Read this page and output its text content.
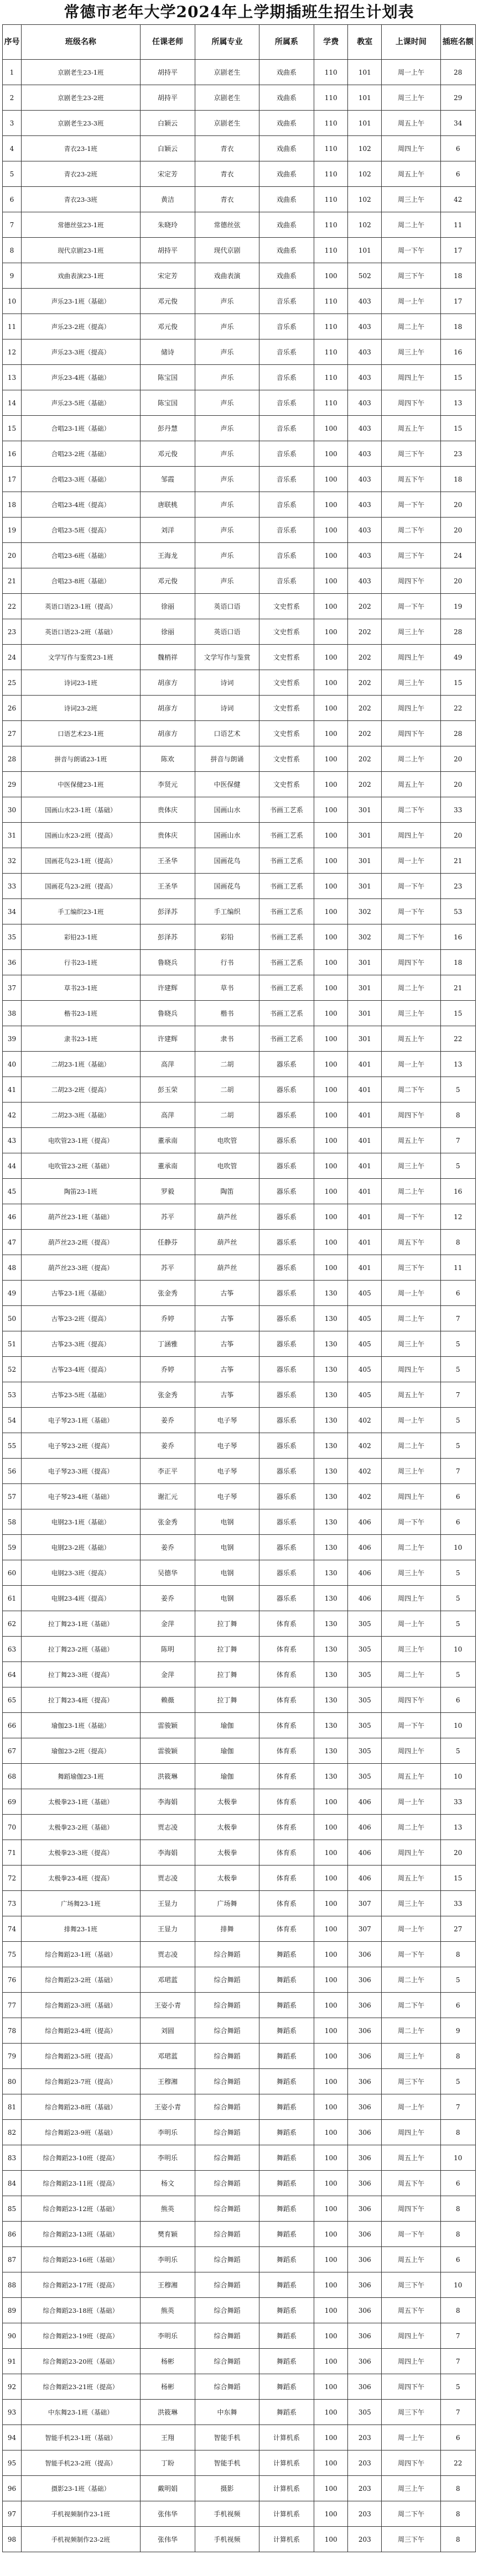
常德市老年大学2024年上学期插班生招生计划表
序号	班级名称	任课老师	所属专业	所属系	学费	教室	上课时间	插班名额
1	京剧老生23-1班	胡持平	京剧老生	戏曲系	110	101	周一上午	28
2	京剧老生23-2班	胡持平	京剧老生	戏曲系	110	101	周三上午	29
3	京剧老生23-3班	白颖云	京剧老生	戏曲系	110	101	周五上午	34
4	青衣23-1班	白颖云	青衣	戏曲系	110	102	周四上午	6
5	青衣23-2班	宋定芳	青衣	戏曲系	110	102	周五上午	6
6	青衣23-3班	黄洁	青衣	戏曲系	110	102	周三上午	42
7	常德丝弦23-1班	朱晓玲	常德丝弦	戏曲系	110	102	周二上午	11
8	现代京剧23-1班	胡持平	现代京剧	戏曲系	110	101	周一下午	17
9	戏曲表演23-1班	宋定芳	戏曲表演	戏曲系	100	502	周三下午	18
10	声乐23-1班（基础）	邓元俊	声乐	音乐系	110	403	周一上午	17
11	声乐23-2班（提高）	邓元俊	声乐	音乐系	110	403	周二上午	18
12	声乐23-3班（提高）	储诗	声乐	音乐系	110	403	周三上午	16
13	声乐23-4班（基础）	陈宝国	声乐	音乐系	110	403	周四上午	15
14	声乐23-5班（基础）	陈宝国	声乐	音乐系	110	403	周四下午	13
15	合唱23-1班（基础）	彭丹慧	声乐	音乐系	100	403	周五上午	15
16	合唱23-2班（基础）	邓元俊	声乐	音乐系	100	403	周三下午	23
17	合唱23-3班（基础）	邹霞	声乐	音乐系	100	403	周五下午	18
18	合唱23-4班（提高）	唐联桃	声乐	音乐系	100	403	周一下午	20
19	合唱23-5班（提高）	刘洋	声乐	音乐系	100	403	周二下午	20
20	合唱23-6班（基础）	王海龙	声乐	音乐系	100	403	周三下午	24
21	合唱23-8班（基础）	邓元俊	声乐	音乐系	100	403	周四下午	20
22	英语口语23-1班（提高）	徐丽	英语口语	文史哲系	100	202	周一下午	19
23	英语口语23-2班（基础）	徐丽	英语口语	文史哲系	100	202	周三上午	28
24	文学写作与鉴赏23-1班	魏梢祥	文学写作与鉴赏	文史哲系	100	202	周四上午	49
25	诗词23-1班	胡彦方	诗词	文史哲系	100	202	周三上午	15
26	诗词23-2班	胡彦方	诗词	文史哲系	100	202	周四上午	22
27	口语艺术23-1班	胡彦方	口语艺术	文史哲系	100	202	周四下午	28
28	拼音与朗诵23-1班	陈欢	拼音与朗诵	文史哲系	100	202	周二上午	20
29	中医保健23-1班	李贤元	中医保健	文史哲系	100	202	周五上午	20
30	国画山水23-1班（基础）	贵体庆	国画山水	书画工艺系	100	301	周二下午	33
31	国画山水23-2班（提高）	贵体庆	国画山水	书画工艺系	100	301	周四上午	20
32	国画花鸟23-1班（提高）	王圣华	国画花鸟	书画工艺系	100	301	周一上午	21
33	国画花鸟23-2班（提高）	王圣华	国画花鸟	书画工艺系	100	301	周一下午	23
34	手工编织23-1班	彭泽苏	手工编织	书画工艺系	100	302	周一下午	53
35	彩铅23-1班	彭泽苏	彩铅	书画工艺系	100	302	周二下午	16
36	行书23-1班	鲁晓兵	行书	书画工艺系	100	301	周四下午	18
37	草书23-1班	许建辉	草书	书画工艺系	100	301	周二上午	21
38	楷书23-1班	鲁晓兵	楷书	书画工艺系	100	301	周三上午	15
39	隶书23-1班	许建辉	隶书	书画工艺系	100	301	周五上午	22
40	二胡23-1班（基础）	高萍	二胡	器乐系	100	401	周一上午	13
41	二胡23-2班（提高）	彭玉荣	二胡	器乐系	100	401	周二下午	5
42	二胡23-3班（基础）	高萍	二胡	器乐系	100	401	周四下午	8
43	电吹管23-1班（提高）	董承南	电吹管	器乐系	100	401	周五上午	7
44	电吹管23-2班（基础）	董承南	电吹管	器乐系	100	401	周三上午	5
45	陶笛23-1班	罗毅	陶笛	器乐系	100	401	周二上午	16
46	葫芦丝23-1班（基础）	苏平	葫芦丝	器乐系	100	401	周一下午	12
47	葫芦丝23-2班（提高）	任静芬	葫芦丝	器乐系	100	401	周五下午	8
48	葫芦丝23-3班（提高）	苏平	葫芦丝	器乐系	100	401	周三下午	11
49	古筝23-1班（基础）	张金秀	古筝	器乐系	130	405	周一上午	6
50	古筝23-2班（提高）	乔婷	古筝	器乐系	130	405	周二上午	7
51	古筝23-3班（提高）	丁涵雅	古筝	器乐系	130	405	周三上午	5
52	古筝23-4班（提高）	乔婷	古筝	器乐系	130	405	周四上午	5
53	古筝23-5班（基础）	张金秀	古筝	器乐系	130	405	周五上午	7
54	电子琴23-1班（基础）	姜乔	电子琴	器乐系	130	402	周一上午	5
55	电子琴23-2班（提高）	姜乔	电子琴	器乐系	130	402	周二上午	5
56	电子琴23-3班（提高）	李正平	电子琴	器乐系	130	402	周三上午	7
57	电子琴23-4班（基础）	谢汇元	电子琴	器乐系	130	402	周四上午	6
58	电钢23-1班（基础）	张金秀	电钢	器乐系	130	406	周一下午	6
59	电钢23-2班（基础）	姜乔	电钢	器乐系	130	406	周二上午	10
60	电钢23-3班（提高）	吴德华	电钢	器乐系	130	406	周三上午	5
61	电钢23-4班（提高）	姜乔	电钢	器乐系	130	406	周四上午	5
62	拉丁舞23-1班（基础）	金萍	拉丁舞	体育系	130	305	周一上午	5
63	拉丁舞23-2班（基础）	陈明	拉丁舞	体育系	130	305	周三上午	10
64	拉丁舞23-3班（提高）	金萍	拉丁舞	体育系	130	305	周二上午	5
65	拉丁舞23-4班（提高）	赖薇	拉丁舞	体育系	130	305	周四下午	6
66	瑜伽23-1班（基础）	雷骏颖	瑜伽	体育系	130	305	周一下午	10
67	瑜伽23-2班（提高）	雷骏颖	瑜伽	体育系	130	305	周四上午	5
68	舞蹈瑜伽23-1班	洪筱琳	瑜伽	体育系	130	305	周五上午	10
69	太极拳23-1班（基础）	李海娟	太极拳	体育系	100	406	周一上午	33
70	太极拳23-2班（基础）	贾志凌	太极拳	体育系	100	406	周二上午	13
71	太极拳23-3班（提高）	李海娟	太极拳	体育系	100	406	周四上午	20
72	太极拳23-4班（提高）	贾志凌	太极拳	体育系	100	406	周五上午	15
73	广场舞23-1班	王显力	广场舞	体育系	100	307	周三上午	33
74	排舞23-1班	王显力	排舞	体育系	100	307	周一上午	27
75	综合舞蹈23-1班（基础）	贾志凌	综合舞蹈	舞蹈系	100	306	周一下午	8
76	综合舞蹈23-2班（基础）	邓珺蓝	综合舞蹈	舞蹈系	100	306	周二上午	5
77	综合舞蹈23-3班（基础）	王姿小青	综合舞蹈	舞蹈系	100	306	周二下午	6
78	综合舞蹈23-4班（提高）	刘圆	综合舞蹈	舞蹈系	100	306	周二上午	9
79	综合舞蹈23-5班（提高）	邓珺蓝	综合舞蹈	舞蹈系	100	306	周三上午	8
80	综合舞蹈23-7班（提高）	王穆湘	综合舞蹈	舞蹈系	100	306	周三下午	5
81	综合舞蹈23-8班（基础）	王姿小青	综合舞蹈	舞蹈系	100	306	周一上午	7
82	综合舞蹈23-9班（基础）	李明乐	综合舞蹈	舞蹈系	100	306	周四上午	8
83	综合舞蹈23-10班（提高）	李明乐	综合舞蹈	舞蹈系	100	306	周五上午	10
84	综合舞蹈23-11班（提高）	杨文	综合舞蹈	舞蹈系	100	306	周五下午	6
85	综合舞蹈23-12班（基础）	熊英	综合舞蹈	舞蹈系	100	306	周四下午	8
86	综合舞蹈23-13班（基础）	樊育颖	综合舞蹈	舞蹈系	100	306	周一下午	8
87	综合舞蹈23-16班（基础）	李明乐	综合舞蹈	舞蹈系	100	306	周五上午	6
88	综合舞蹈23-17班（提高）	王穆湘	综合舞蹈	舞蹈系	100	306	周三下午	10
89	综合舞蹈23-18班（基础）	熊英	综合舞蹈	舞蹈系	100	306	周五下午	8
90	综合舞蹈23-19班（提高）	李明乐	综合舞蹈	舞蹈系	100	306	周四上午	7
91	综合舞蹈23-20班（基础）	杨彬	综合舞蹈	舞蹈系	100	306	周四上午	7
92	综合舞蹈23-21班（提高）	杨彬	综合舞蹈	舞蹈系	100	306	周四下午	5
93	中东舞23-1班（基础）	洪筱琳	中东舞	舞蹈系	100	305	周三下午	7
94	智能手机23-1班（基础）	王翔	智能手机	计算机系	100	203	周一上午	6
95	智能手机23-2班（提高）	丁盼	智能手机	计算机系	100	203	周四下午	22
96	摄影23-1班（基础）	戴明娟	摄影	计算机系	100	203	周三上午	8
97	手机视频制作23-1班	张伟华	手机视频	计算机系	100	203	周二下午	8
98	手机视频制作23-2班	张伟华	手机视频	计算机系	100	203	周三下午	8
